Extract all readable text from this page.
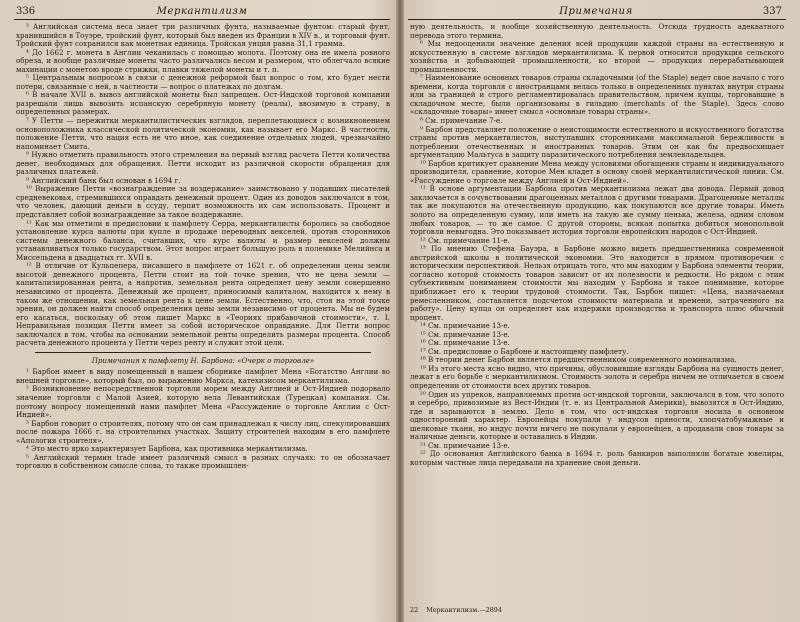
336	Меркантилизм

³ Английская система веса знает три различных фунта, называемые фунтом: старый фунт, хранившийся в Тоуэре, тройский фунт, который был введен из Франции в XIV в., и торговый фунт. Тройский фунт сохранился как монетная единица. Тройская унция равна 31,1 грамма.

⁴ До 1662 г. монета в Англии чеканилась с помощью молота. Поэтому она не имела ровного обреза, и вообще различные монеты часто различались весом и размером, что облегчало всякие махинации с монетою вроде стрижки, плавки тяжелой монеты и т. п.

⁵ Центральным вопросом в связи с денежной реформой был вопрос о том, кто будет нести потери, связанные с ней, в частности — вопрос о платежах по долгам.

⁶ В начале XVII в. вывоз английской монеты был запрещен. Ост-Индской торговой компании разрешали лишь вывозить испанскую серебряную монету (реалы), ввозимую в страну, в определенных размерах.

⁷ У Петти — пережитки меркантилистических взглядов, переплетающиеся с возникновением основоположника классической политической экономии, как называет его Маркс. В частности, положение Петти, что нация есть не что иное, как соединение отдельных людей, чрезвычайно напоминает Смита.

⁸ Нужно отметить правильность этого стремления на первый взгляд расчета Петти количества денег, необходимых для обращения. Петти исходит из различной скорости обращения для различных платежей.

⁹ Английский банк был основан в 1694 г.

¹⁰ Выражение Петти «вознаграждение за воздержание» заимствовано у подавших писателей средневековья, стремившихся оправдать денежный процент. Один из доводов заключался в том, что человек, дающий деньги в ссуду, терпит возможность их сам использовать. Процент и представляет собой вознаграждение за такое воздержание.

¹¹ Как мы отметили в предисловии к памфлету Серра, меркантилисты боролись за свободное установление курса валюты при купле и продаже переводных векселей, против сторонников системы денежного баланса, считавших, что курс валюты и размер векселей должны устанавливаться только государством. Этот вопрос играет большую роль в полемике Мелийнса и Миссельдена в двадцатых гг. XVII в.

¹² В отличие от Кульпепера, писавшего в памфлете от 1621 г. об определении цены земли высотой денежного процента, Петти стоит на той точке зрения, что не цена земли — капитализированная рента, а напротив, земельная рента определяет цену земли совершенно независимо от процента. Денежный же процент, приносимый капиталом, находится к нему в таком же отношении, как земельная рента к цене земли. Естественно, что, стоя на этой точке зрения, он должен найти способ определения цены земли независимо от процента. Мы не будем его касаться, поскольку об этом пишет Маркс в «Теориях прибавочной стоимости», т. I. Неправильная позиция Петти имеет за собой историческое оправдание. Для Петти вопрос заключался в том, чтобы на основании земельной ренты определить размеры процента. Способ расчета денежного процента у Петти через ренту и служит этой цели.

Примечания к памфлету Н. Барбона: «Очерк о торговле»

¹ Барбон имеет в виду помещенный в нашем сборнике памфлет Мена «Богатство Англии во внешней торговле», который был, по выражению Маркса, катехизисом меркантилизма.

² Возникновение непосредственной торговли морем между Англией и Ост-Индией подорвало значение торговли с Малой Азией, которую вела Левантийская (Турецкая) компания. См. поэтому вопросу помещенный нами памфлет Мена «Рассуждение о торговле Англии с Ост-Индией».

³ Барбон говорит о строителях, потому что он сам принадлежал к числу лиц, спекулировавших после пожара 1666 г. на строительных участках. Защиту строителей находим в его памфлете «Апология строителя».

⁴ Это место ярко характеризует Барбона, как противника меркантилизма.

⁵ Английский термин trade имеет различный смысл в разных случаях: то он обозначает торговлю в собственном смысле слова, то также промышлен-

Примечания	337

ную деятельность, и вообще хозяйственную деятельность. Отсюда трудность адекватного перевода этого термина.

⁶ Мы недооценили значение деления всей продукции каждой страны на естественную и искусственную в системе взглядов меркантилизма. К первой относится продукция сельского хозяйства и добывающей промышленности, ко второй — продукция перерабатывающей промышленности.

⁷ Наименование основных товаров страны складочными (of the Staple) ведет свое начало с того времени, когда торговля с иностранцами велась только в определенных пунктах внутри страны или за границей и строго регламентировалась правительством, причем купцы, торговавшие в складочном месте, были организованы в гильдию (merchants of the Staple). Здесь слово «складочные товары» имеет смысл «основные товары страны».

⁸ См. примечание 7-е.

⁹ Барбон представляет положение о неистощимости естественного и искусственного богатства страны против меркантилистов, выступавших сторонниками максимальной бережливости в потреблении отечественных и иностранных товаров. Этим он как бы предвосхищает аргументацию Мальтуса в защиту паразитического потребления землевладельцев.

¹⁰ Барбон критикует сравнение Мена между условиями обогащения страны и индивидуального производителя, сравнение, которое Мен кладет в основу своей меркантилистической линии. См. «Рассуждение о торговле между Англией и Ост-Индией».

¹¹ В основе аргументации Барбона против меркантилизма лежат два довода. Первый довод заключается в сочувствовании драгоценных металлов с другими товарами. Драгоценные металлы так же покупаются на отечественную продукцию, как покупаются все другие товары. Иметь золото на определенную сумму, или иметь на такую же сумму пенька, железа, одним словом любых товаров, — то же самое. С другой стороны, всякая попытка добиться монопольной торговли невыгодна. Это показывает история торговли европейских народов с Ост-Индией.

¹² См. примечание 11-е.

¹³ По мнению Стефена Бауэра, в Барбоне можно видеть предшественника современной австрийской школы в политической экономии. Это находится в прямом противоречии с историческим перспективой. Нельзя отрицать того, что мы находим у Барбона элементы теории, согласно которой стоимость товаров зависит от их полезности и редкости. Но рядом с этим субъективным пониманием стоимости мы находим у Барбона и такое понимание, которое приближает его к теории трудовой стоимости. Так, Барбон пишет: «Цена, назначаемая ремесленником, составляется подсчетом стоимости материала и времени, затраченного на работу». Цену купца он определяет как издержки производства и транспорта плюс обычный процент.

¹⁴ См. примечание 13-е.

¹⁵ См. примечание 13-е.

¹⁶ См. примечание 13-е.

¹⁷ См. предисловие о Барбоне и настоящему памфлету.

¹⁸ В теории денег Барбон является предшественником современного номинализма.

¹⁹ Из этого места ясно видно, что причины, обусловившие взгляды Барбона на сущность денег, лежат в его борьбе с меркантилизмом. Стоимость золота и серебра ничем не отличается в своем определении от стоимости всех других товаров.

²⁰ Один из упреков, направляемых против ост-индской торговли, заключался в том, что золото и серебро, привозимые из Вест-Индии (т. е. из Центральной Америки), вывозятся в Ост-Индию, где и зарываются в землю. Дело в том, что ост-индская торговля носила в основном односторонний характер. Европейцы покупали у индусов пряности, хлопчатобумажные и шелковые ткани, но индус почти ничего не покупали у европейцев, а продавали свои товары за наличные деньги, которые и оставались в Индии.

²¹ См. примечание 13-е.

²² До основания Английского банка в 1694 г. роль банкиров выполняли богатые ювелиры, которым частные лица передавали на хранение свои деньги.

22 Меркантилизм.—2894
